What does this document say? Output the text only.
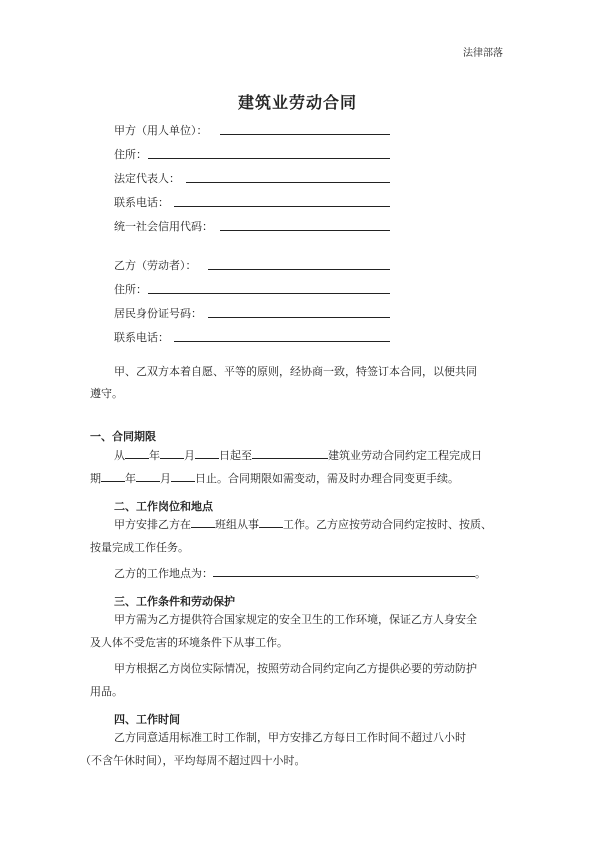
法律部落
建筑业劳动合同
甲方（用人单位）：
住所：
法定代表人：
联系电话：
统一社会信用代码：
乙方（劳动者）：
住所：
居民身份证号码：
联系电话：
甲、乙双方本着自愿、平等的原则，经协商一致，特签订本合同，以便共同
遵守。
一、合同期限
从 年 月 日起至	建筑业劳动合同约定工程完成日
期 年 月 日止。合同期限如需变动，需及时办理合同变更手续。
二、工作岗位和地点
甲方安排乙方在 班组从事 工作。乙方应按劳动合同约定按时、按质、
按量完成工作任务。
乙方的工作地点为：	。
三、工作条件和劳动保护
甲方需为乙方提供符合国家规定的安全卫生的工作环境，保证乙方人身安全
及人体不受危害的环境条件下从事工作。
甲方根据乙方岗位实际情况，按照劳动合同约定向乙方提供必要的劳动防护
用品。
四、工作时间
乙方同意适用标准工时工作制，甲方安排乙方每日工作时间不超过八小时
（不含午休时间），平均每周不超过四十小时。
